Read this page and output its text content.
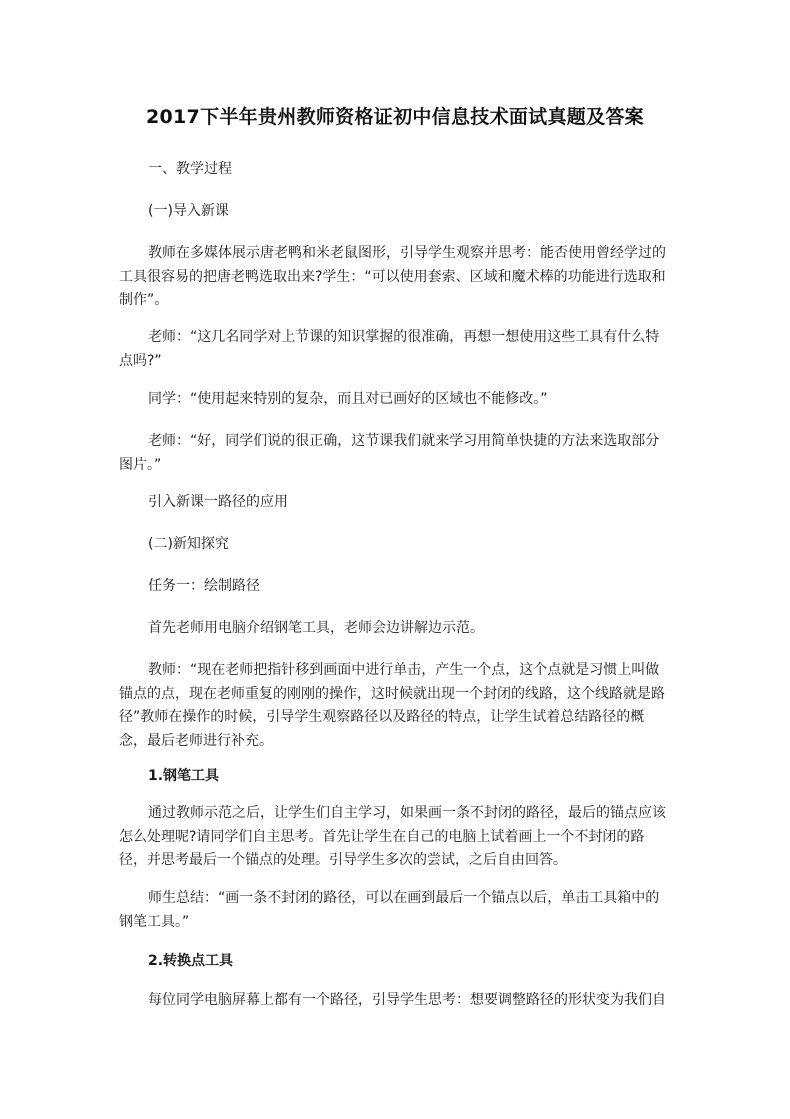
2017下半年贵州教师资格证初中信息技术面试真题及答案

一、教学过程

(一)导入新课

教师在多媒体展示唐老鸭和米老鼠图形，引导学生观察并思考：能否使用曾经学过的工具很容易的把唐老鸭选取出来?学生：“可以使用套索、区域和魔术棒的功能进行选取和制作”。

老师：“这几名同学对上节课的知识掌握的很准确，再想一想使用这些工具有什么特点吗?”

同学：“使用起来特别的复杂，而且对已画好的区域也不能修改。”

老师：“好，同学们说的很正确，这节课我们就来学习用简单快捷的方法来选取部分图片。”

引入新课一路径的应用

(二)新知探究

任务一：绘制路径

首先老师用电脑介绍钢笔工具，老师会边讲解边示范。

教师：“现在老师把指针移到画面中进行单击，产生一个点，这个点就是习惯上叫做锚点的点，现在老师重复的刚刚的操作，这时候就出现一个封闭的线路，这个线路就是路径”教师在操作的时候，引导学生观察路径以及路径的特点，让学生试着总结路径的概念，最后老师进行补充。

1.钢笔工具

通过教师示范之后，让学生们自主学习，如果画一条不封闭的路径，最后的锚点应该怎么处理呢?请同学们自主思考。首先让学生在自己的电脑上试着画上一个不封闭的路径，并思考最后一个锚点的处理。引导学生多次的尝试，之后自由回答。

师生总结：“画一条不封闭的路径，可以在画到最后一个锚点以后，单击工具箱中的钢笔工具。”

2.转换点工具

每位同学电脑屏幕上都有一个路径，引导学生思考：想要调整路径的形状变为我们自
